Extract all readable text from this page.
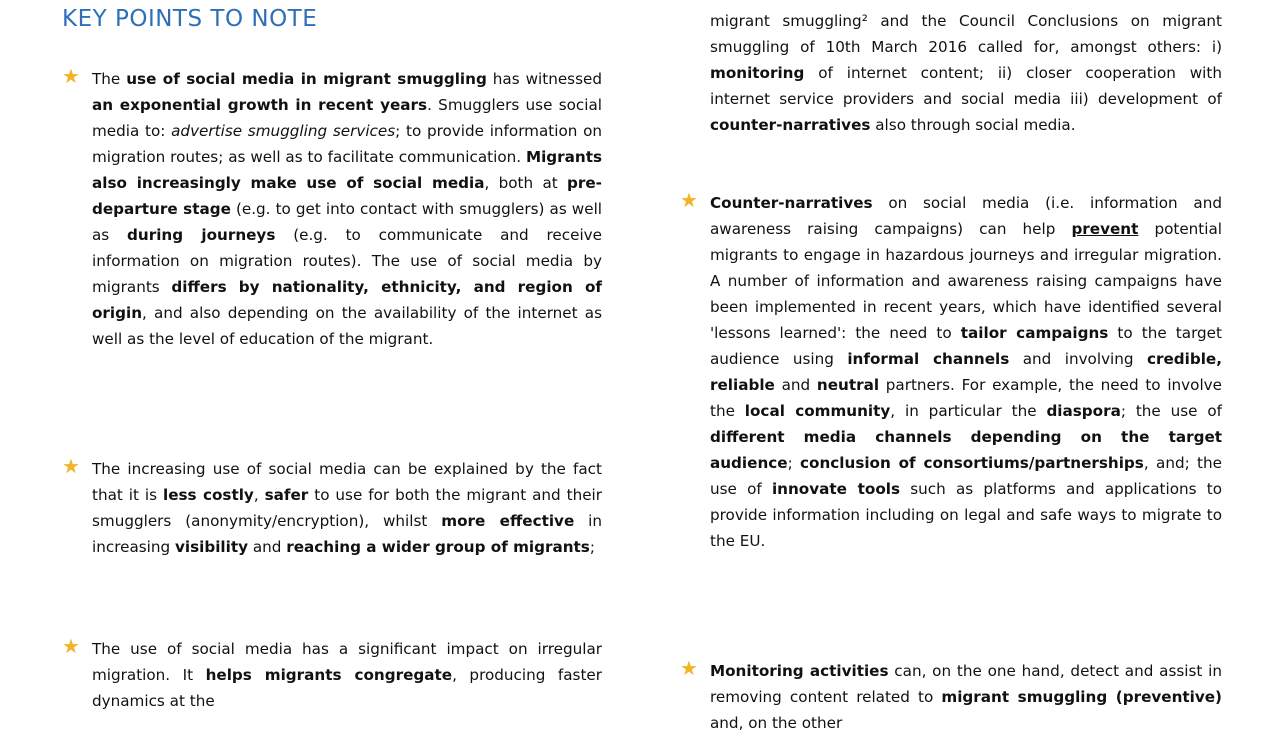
KEY POINTS TO NOTE
★ The use of social media in migrant smuggling has witnessed an exponential growth in recent years. Smugglers use social media to: advertise smuggling services; to provide information on migration routes; as well as to facilitate communication. Migrants also increasingly make use of social media, both at pre-departure stage (e.g. to get into contact with smugglers) as well as during journeys (e.g. to communicate and receive information on migration routes). The use of social media by migrants differs by nationality, ethnicity, and region of origin, and also depending on the availability of the internet as well as the level of education of the migrant.

★ The increasing use of social media can be explained by the fact that it is less costly, safer to use for both the migrant and their smugglers (anonymity/encryption), whilst more effective in increasing visibility and reaching a wider group of migrants;

★ The use of social media has a significant impact on irregular migration. It helps migrants congregate, producing faster dynamics at the

migrant smuggling² and the Council Conclusions on migrant smuggling of 10th March 2016 called for, amongst others: i) monitoring of internet content; ii) closer cooperation with internet service providers and social media iii) development of counter-narratives also through social media.

★ Counter-narratives on social media (i.e. information and awareness raising campaigns) can help prevent potential migrants to engage in hazardous journeys and irregular migration. A number of information and awareness raising campaigns have been implemented in recent years, which have identified several 'lessons learned': the need to tailor campaigns to the target audience using informal channels and involving credible, reliable and neutral partners. For example, the need to involve the local community, in particular the diaspora; the use of different media channels depending on the target audience; conclusion of consortiums/partnerships, and; the use of innovate tools such as platforms and applications to provide information including on legal and safe ways to migrate to the EU.

★ Monitoring activities can, on the one hand, detect and assist in removing content related to migrant smuggling (preventive) and, on the other
